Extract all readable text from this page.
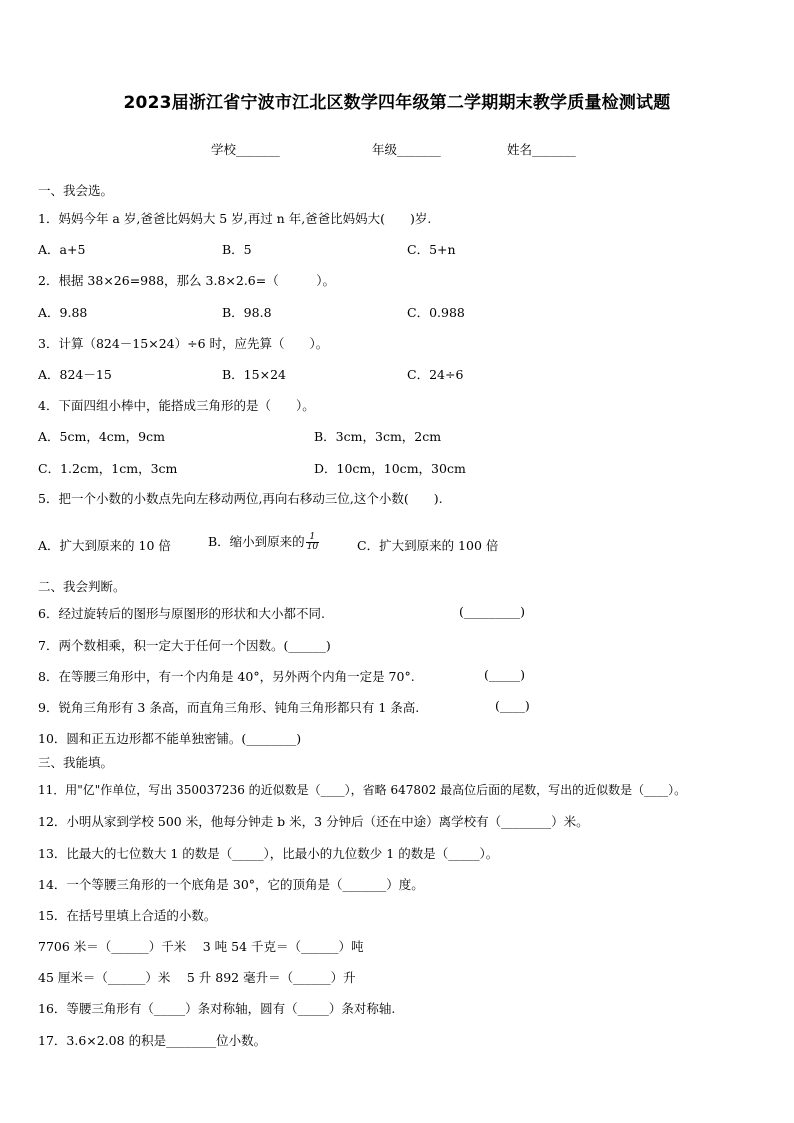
2023届浙江省宁波市江北区数学四年级第二学期期末教学质量检测试题
学校_______	年级_______	姓名_______
一、我会选。
1．妈妈今年 a 岁,爸爸比妈妈大 5 岁,再过 n 年,爸爸比妈妈大(　　)岁.
A．a+5	B．5	C．5+n
2．根据 38×26=988，那么 3.8×2.6=（　　　）。
A．9.88	B．98.8	C．0.988
3．计算（824－15×24）÷6 时，应先算（　　）。
A．824－15	B．15×24	C．24÷6
4．下面四组小棒中，能搭成三角形的是（　　）。
A．5cm，4cm，9cm	B．3cm，3cm，2cm
C．1.2cm，1cm，3cm	D．10cm，10cm，30cm
5．把一个小数的小数点先向左移动两位,再向右移动三位,这个小数(　　).
A．扩大到原来的 10 倍	B．缩小到原来的 $\frac{1}{10}$	C．扩大到原来的 100 倍
二、我会判断。
6．经过旋转后的图形与原图形的形状和大小都不同.	(_________)
7．两个数相乘，积一定大于任何一个因数。(______)
8．在等腰三角形中，有一个内角是 40°，另外两个内角一定是 70°.	(_____)
9．锐角三角形有 3 条高，而直角三角形、钝角三角形都只有 1 条高.	(____)
10．圆和正五边形都不能单独密铺。(________)
三、我能填。
11．用"亿"作单位，写出 350037236 的近似数是（____），省略 647802 最高位后面的尾数，写出的近似数是（____）。
12．小明从家到学校 500 米，他每分钟走 b 米，3 分钟后（还在中途）离学校有（________）米。
13．比最大的七位数大 1 的数是（_____），比最小的九位数少 1 的数是（_____）。
14．一个等腰三角形的一个底角是 30°，它的顶角是（_______）度。
15．在括号里填上合适的小数。
7706 米＝（______）千米　 3 吨 54 千克＝（______）吨
45 厘米＝（______）米　 5 升 892 毫升＝（______）升
16．等腰三角形有（_____）条对称轴，圆有（_____）条对称轴.
17．3.6×2.08 的积是________位小数。
